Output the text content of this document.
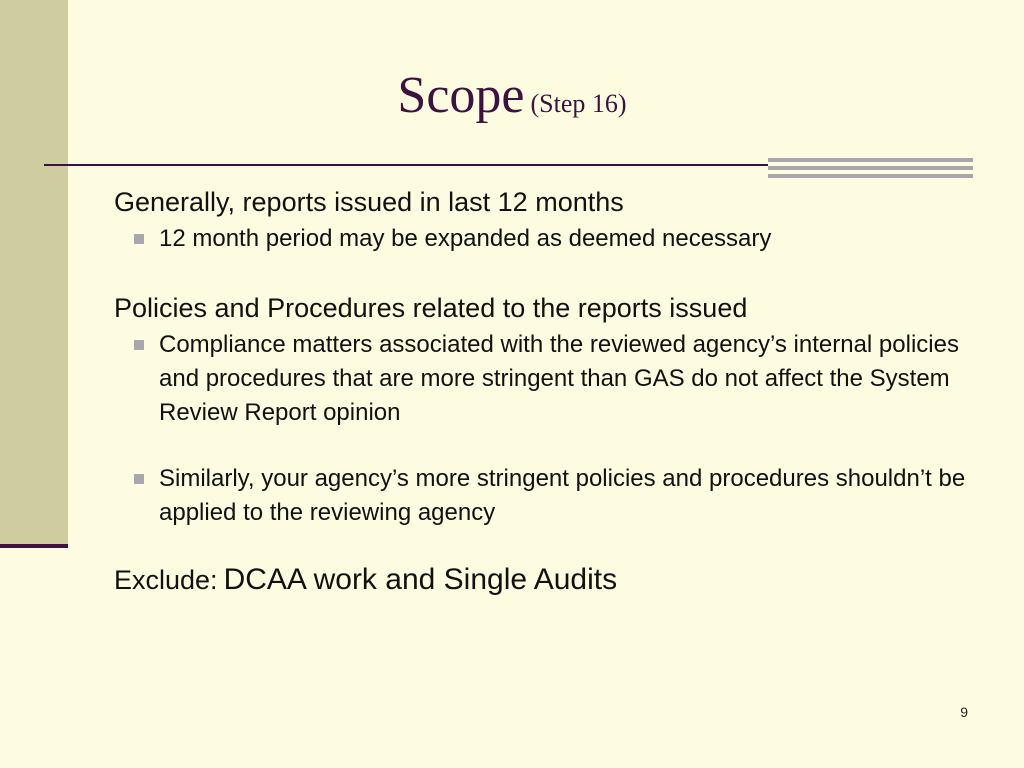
Scope (Step 16)

Generally, reports issued in last 12 months

12 month period may be expanded as deemed necessary

Policies and Procedures related to the reports issued

Compliance matters associated with the reviewed agency’s internal policies and procedures that are more stringent than GAS do not affect the System Review Report opinion
Similarly, your agency’s more stringent policies and procedures shouldn’t be applied to the reviewing agency

Exclude: DCAA work and Single Audits

9
